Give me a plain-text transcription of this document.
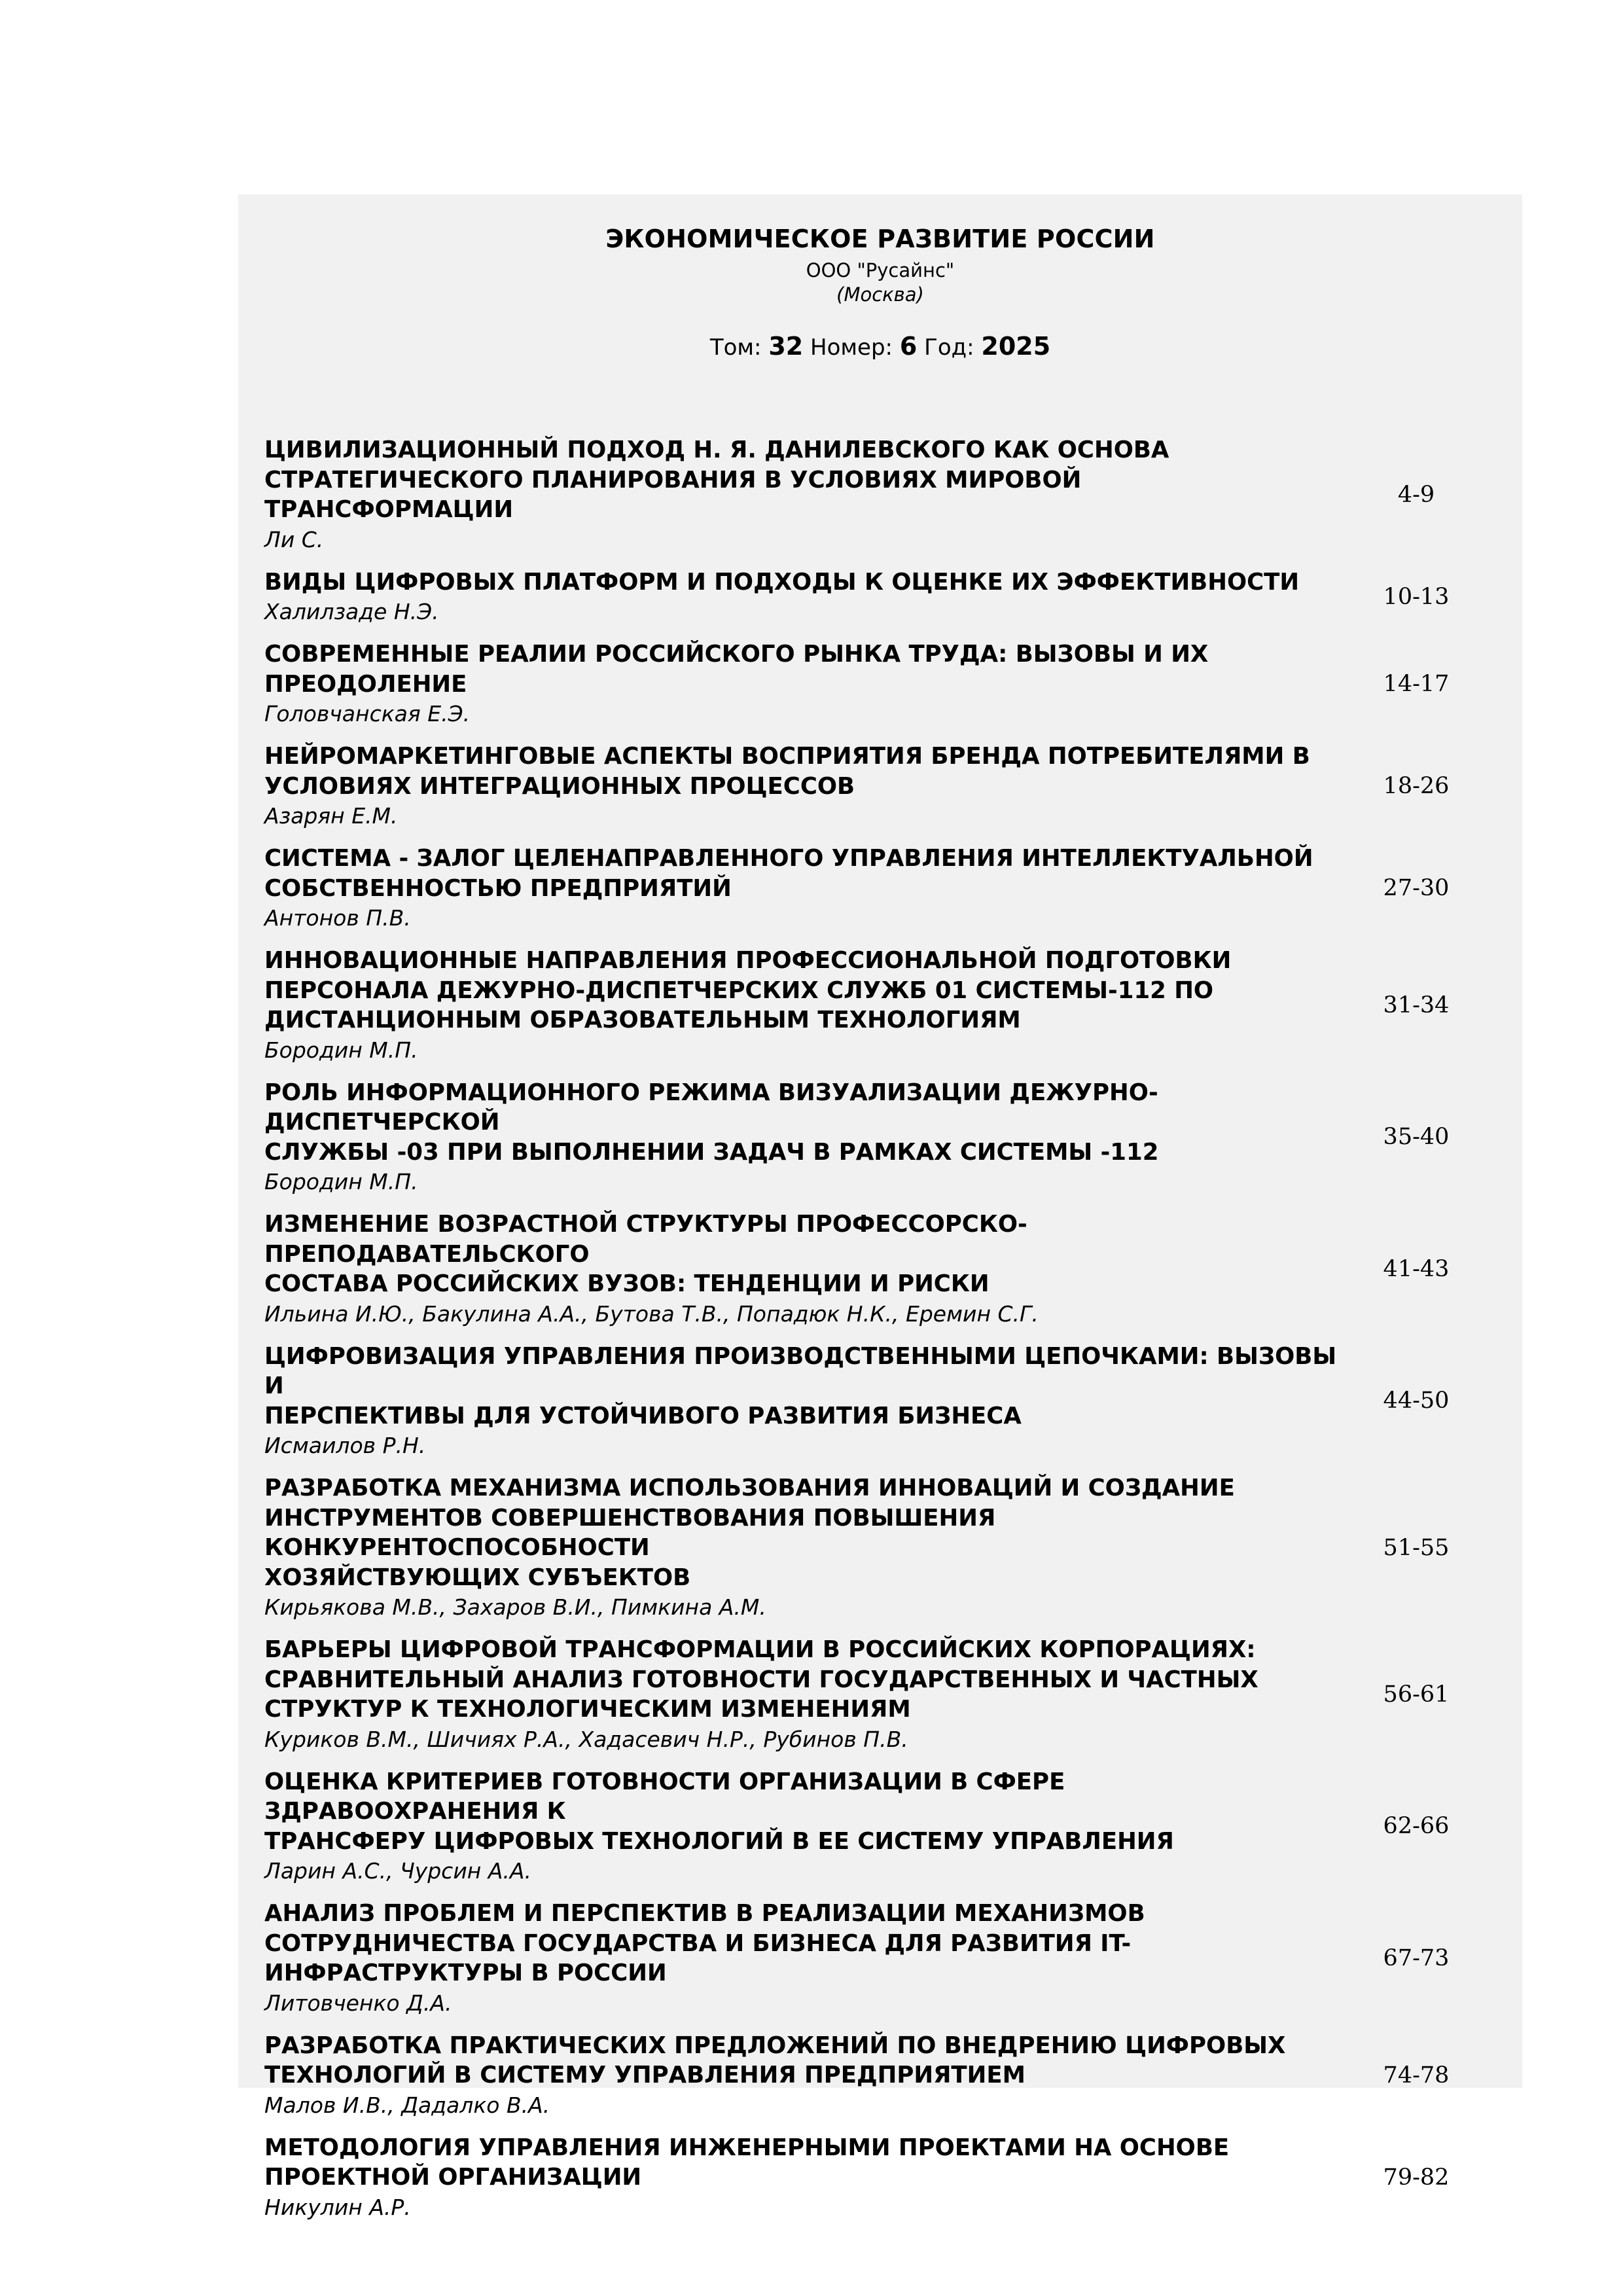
ЭКОНОМИЧЕСКОЕ РАЗВИТИЕ РОССИИ
ООО "Русайнс"
(Москва)
Том: 32 Номер: 6 Год: 2025
ЦИВИЛИЗАЦИОННЫЙ ПОДХОД Н. Я. ДАНИЛЕВСКОГО КАК ОСНОВА
СТРАТЕГИЧЕСКОГО ПЛАНИРОВАНИЯ В УСЛОВИЯХ МИРОВОЙ ТРАНСФОРМАЦИИ
Ли С.
4-9
ВИДЫ ЦИФРОВЫХ ПЛАТФОРМ И ПОДХОДЫ К ОЦЕНКЕ ИХ ЭФФЕКТИВНОСТИ
Халилзаде Н.Э.
10-13
СОВРЕМЕННЫЕ РЕАЛИИ РОССИЙСКОГО РЫНКА ТРУДА: ВЫЗОВЫ И ИХ
ПРЕОДОЛЕНИЕ
Головчанская Е.Э.
14-17
НЕЙРОМАРКЕТИНГОВЫЕ АСПЕКТЫ ВОСПРИЯТИЯ БРЕНДА ПОТРЕБИТЕЛЯМИ В
УСЛОВИЯХ ИНТЕГРАЦИОННЫХ ПРОЦЕССОВ
Азарян Е.М.
18-26
СИСТЕМА - ЗАЛОГ ЦЕЛЕНАПРАВЛЕННОГО УПРАВЛЕНИЯ ИНТЕЛЛЕКТУАЛЬНОЙ
СОБСТВЕННОСТЬЮ ПРЕДПРИЯТИЙ
Антонов П.В.
27-30
ИННОВАЦИОННЫЕ НАПРАВЛЕНИЯ ПРОФЕССИОНАЛЬНОЙ ПОДГОТОВКИ
ПЕРСОНАЛА ДЕЖУРНО-ДИСПЕТЧЕРСКИХ СЛУЖБ 01 СИСТЕМЫ-112 ПО
ДИСТАНЦИОННЫМ ОБРАЗОВАТЕЛЬНЫМ ТЕХНОЛОГИЯМ
Бородин М.П.
31-34
РОЛЬ ИНФОРМАЦИОННОГО РЕЖИМА ВИЗУАЛИЗАЦИИ ДЕЖУРНО-ДИСПЕТЧЕРСКОЙ
СЛУЖБЫ -03 ПРИ ВЫПОЛНЕНИИ ЗАДАЧ В РАМКАХ СИСТЕМЫ -112
Бородин М.П.
35-40
ИЗМЕНЕНИЕ ВОЗРАСТНОЙ СТРУКТУРЫ ПРОФЕССОРСКО-ПРЕПОДАВАТЕЛЬСКОГО
СОСТАВА РОССИЙСКИХ ВУЗОВ: ТЕНДЕНЦИИ И РИСКИ
Ильина И.Ю., Бакулина А.А., Бутова Т.В., Попадюк Н.К., Еремин С.Г.
41-43
ЦИФРОВИЗАЦИЯ УПРАВЛЕНИЯ ПРОИЗВОДСТВЕННЫМИ ЦЕПОЧКАМИ: ВЫЗОВЫ И
ПЕРСПЕКТИВЫ ДЛЯ УСТОЙЧИВОГО РАЗВИТИЯ БИЗНЕСА
Исмаилов Р.Н.
44-50
РАЗРАБОТКА МЕХАНИЗМА ИСПОЛЬЗОВАНИЯ ИННОВАЦИЙ И СОЗДАНИЕ
ИНСТРУМЕНТОВ СОВЕРШЕНСТВОВАНИЯ ПОВЫШЕНИЯ КОНКУРЕНТОСПОСОБНОСТИ
ХОЗЯЙСТВУЮЩИХ СУБЪЕКТОВ
Кирьякова М.В., Захаров В.И., Пимкина А.М.
51-55
БАРЬЕРЫ ЦИФРОВОЙ ТРАНСФОРМАЦИИ В РОССИЙСКИХ КОРПОРАЦИЯХ:
СРАВНИТЕЛЬНЫЙ АНАЛИЗ ГОТОВНОСТИ ГОСУДАРСТВЕННЫХ И ЧАСТНЫХ
СТРУКТУР К ТЕХНОЛОГИЧЕСКИМ ИЗМЕНЕНИЯМ
Куриков В.М., Шичиях Р.А., Хадасевич Н.Р., Рубинов П.В.
56-61
ОЦЕНКА КРИТЕРИЕВ ГОТОВНОСТИ ОРГАНИЗАЦИИ В СФЕРЕ ЗДРАВООХРАНЕНИЯ К
ТРАНСФЕРУ ЦИФРОВЫХ ТЕХНОЛОГИЙ В ЕЕ СИСТЕМУ УПРАВЛЕНИЯ
Ларин А.С., Чурсин А.А.
62-66
АНАЛИЗ ПРОБЛЕМ И ПЕРСПЕКТИВ В РЕАЛИЗАЦИИ МЕХАНИЗМОВ
СОТРУДНИЧЕСТВА ГОСУДАРСТВА И БИЗНЕСА ДЛЯ РАЗВИТИЯ IT-
ИНФРАСТРУКТУРЫ В РОССИИ
Литовченко Д.А.
67-73
РАЗРАБОТКА ПРАКТИЧЕСКИХ ПРЕДЛОЖЕНИЙ ПО ВНЕДРЕНИЮ ЦИФРОВЫХ
ТЕХНОЛОГИЙ В СИСТЕМУ УПРАВЛЕНИЯ ПРЕДПРИЯТИЕМ
Малов И.В., Дадалко В.А.
74-78
МЕТОДОЛОГИЯ УПРАВЛЕНИЯ ИНЖЕНЕРНЫМИ ПРОЕКТАМИ НА ОСНОВЕ
ПРОЕКТНОЙ ОРГАНИЗАЦИИ
Никулин А.Р.
79-82
